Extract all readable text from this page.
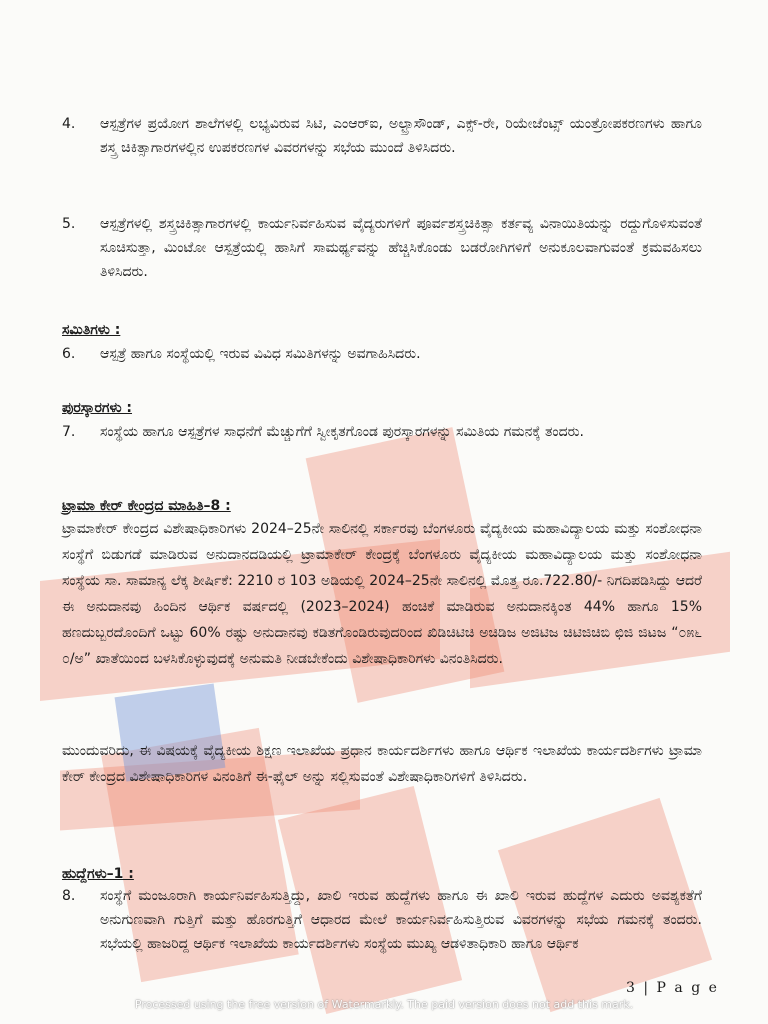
4.	ಆಸ್ಪತ್ರೆಗಳ ಪ್ರಯೋಗ ಶಾಲೆಗಳಲ್ಲಿ ಲಭ್ಯವಿರುವ ಸಿಟಿ, ಎಂಆರ್‌ಐ, ಅಲ್ಟ್ರಾಸೌಂಡ್, ಎಕ್ಸ್-ರೇ, ರಿಯೇಜೆಂಟ್ಸ್ ಯಂತ್ರೋಪಕರಣಗಳು ಹಾಗೂ ಶಸ್ತ್ರ ಚಿಕಿತ್ಸಾಗಾರಗಳಲ್ಲಿನ ಉಪಕರಣಗಳ ವಿವರಗಳನ್ನು ಸಭೆಯ ಮುಂದೆ ತಿಳಿಸಿದರು.
5.	ಆಸ್ಪತ್ರೆಗಳಲ್ಲಿ ಶಸ್ತ್ರಚಿಕಿತ್ಸಾಗಾರಗಳಲ್ಲಿ ಕಾರ್ಯನಿರ್ವಹಿಸುವ ವೈದ್ಯರುಗಳಿಗೆ ಪೂರ್ವಶಸ್ತ್ರಚಿಕಿತ್ಸಾ ಕರ್ತವ್ಯ ವಿನಾಯಿತಿಯನ್ನು ರದ್ದುಗೊಳಿಸುವಂತೆ ಸೂಚಿಸುತ್ತಾ, ಮಿಂಟೋ ಆಸ್ಪತ್ರೆಯಲ್ಲಿ ಹಾಸಿಗೆ ಸಾಮರ್ಥ್ಯವನ್ನು ಹೆಚ್ಚಿಸಿಕೊಂಡು ಬಡರೋಗಿಗಳಿಗೆ ಅನುಕೂಲವಾಗುವಂತೆ ಕ್ರಮವಹಿಸಲು ತಿಳಿಸಿದರು.
ಸಮಿತಿಗಳು :
6.	ಆಸ್ಪತ್ರೆ ಹಾಗೂ ಸಂಸ್ಥೆಯಲ್ಲಿ ಇರುವ ವಿವಿಧ ಸಮಿತಿಗಳನ್ನು ಅವಗಾಹಿಸಿದರು.
ಪುರಸ್ಕಾರಗಳು :
7.	ಸಂಸ್ಥೆಯ ಹಾಗೂ ಆಸ್ಪತ್ರೆಗಳ ಸಾಧನೆಗೆ ಮೆಚ್ಚುಗೆಗೆ ಸ್ವೀಕೃತಗೊಂಡ ಪುರಸ್ಕಾರಗಳನ್ನು ಸಮಿತಿಯ ಗಮನಕ್ಕೆ ತಂದರು.
ಟ್ರಾಮಾ ಕೇರ್ ಕೇಂದ್ರದ ಮಾಹಿತಿ–8 :
ಟ್ರಾಮಾಕೇರ್ ಕೇಂದ್ರದ ವಿಶೇಷಾಧಿಕಾರಿಗಳು 2024–25ನೇ ಸಾಲಿನಲ್ಲಿ ಸರ್ಕಾರವು ಬೆಂಗಳೂರು ವೈದ್ಯಕೀಯ ಮಹಾವಿದ್ಯಾಲಯ ಮತ್ತು ಸಂಶೋಧನಾ ಸಂಸ್ಥೆಗೆ ಬಿಡುಗಡೆ ಮಾಡಿರುವ ಅನುದಾನದಡಿಯಲ್ಲಿ ಟ್ರಾಮಾಕೇರ್ ಕೇಂದ್ರಕ್ಕೆ ಬೆಂಗಳೂರು ವೈದ್ಯಕೀಯ ಮಹಾವಿದ್ಯಾಲಯ ಮತ್ತು ಸಂಶೋಧನಾ ಸಂಸ್ಥೆಯ ಸಾ. ಸಾಮಾನ್ಯ ಲೆಕ್ಕ ಶೀರ್ಷಿಕೆ: 2210 ರ 103 ಅಡಿಯಲ್ಲಿ 2024–25ನೇ ಸಾಲಿನಲ್ಲಿ ಮೊತ್ತ ರೂ.722.80/- ನಿಗದಿಪಡಿಸಿದ್ದು ಆದರೆ ಈ ಅನುದಾನವು ಹಿಂದಿನ ಆರ್ಥಿಕ ವರ್ಷದಲ್ಲಿ (2023–2024) ಹಂಚಿಕೆ ಮಾಡಿರುವ ಅನುದಾನಕ್ಕಿಂತ 44% ಹಾಗೂ 15% ಹಣದುಬ್ಬರದೊಂದಿಗೆ ಒಟ್ಟು 60% ರಷ್ಟು ಅನುದಾನವು ಕಡಿತಗೊಂಡಿರುವುದರಿಂದ ಖಿಡಿಚಿಟಿಚಿ ಅಚಿಡಿಜ ಅಜಿಟಿಜ ಚಿಟಿಜಿಚಿಬಿ ಛಿಜಿ ಜಿಟಜ “೦೫೬ ೦/ಅ” ಖಾತೆಯಿಂದ ಬಳಸಿಕೊಳ್ಳುವುದಕ್ಕೆ ಅನುಮತಿ ನೀಡಬೇಕೆಂದು ವಿಶೇಷಾಧಿಕಾರಿಗಳು ವಿನಂತಿಸಿದರು.
ಮುಂದುವರಿದು, ಈ ವಿಷಯಕ್ಕೆ ವೈದ್ಯಕೀಯ ಶಿಕ್ಷಣ ಇಲಾಖೆಯ ಪ್ರಧಾನ ಕಾರ್ಯದರ್ಶಿಗಳು ಹಾಗೂ ಆರ್ಥಿಕ ಇಲಾಖೆಯ ಕಾರ್ಯದರ್ಶಿಗಳು ಟ್ರಾಮಾ ಕೇರ್ ಕೇಂದ್ರದ ವಿಶೇಷಾಧಿಕಾರಿಗಳ ವಿನಂತಿಗೆ ಈ-ಫೈಲ್ ಅನ್ನು ಸಲ್ಲಿಸುವಂತೆ ವಿಶೇಷಾಧಿಕಾರಿಗಳಿಗೆ ತಿಳಿಸಿದರು.
ಹುದ್ದೆಗಳು–1 :
8.	ಸಂಸ್ಥೆಗೆ ಮಂಜೂರಾಗಿ ಕಾರ್ಯನಿರ್ವಹಿಸುತ್ತಿದ್ದು, ಖಾಲಿ ಇರುವ ಹುದ್ದೆಗಳು ಹಾಗೂ ಈ ಖಾಲಿ ಇರುವ ಹುದ್ದೆಗಳ ಎದುರು ಅವಶ್ಯಕತೆಗೆ ಅನುಗುಣವಾಗಿ ಗುತ್ತಿಗೆ ಮತ್ತು ಹೊರಗುತ್ತಿಗೆ ಆಧಾರದ ಮೇಲೆ ಕಾರ್ಯನಿರ್ವಹಿಸುತ್ತಿರುವ ವಿವರಗಳನ್ನು ಸಭೆಯ ಗಮನಕ್ಕೆ ತಂದರು. ಸಭೆಯಲ್ಲಿ ಹಾಜರಿದ್ದ ಆರ್ಥಿಕ ಇಲಾಖೆಯ ಕಾರ್ಯದರ್ಶಿಗಳು ಸಂಸ್ಥೆಯ ಮುಖ್ಯ ಆಡಳಿತಾಧಿಕಾರಿ ಹಾಗೂ ಆರ್ಥಿಕ
3 | P a g e
Processed using the free version of Watermarkly. The paid version does not add this mark.
